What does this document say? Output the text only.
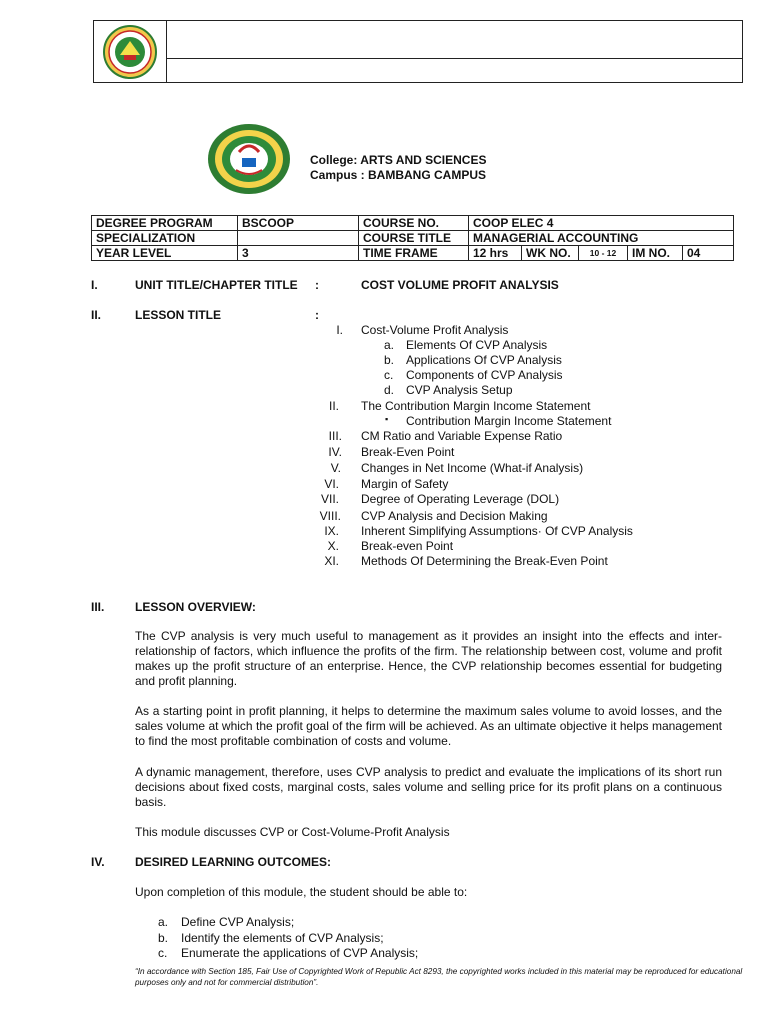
College: ARTS AND SCIENCES
Campus : BAMBANG CAMPUS
DEGREE PROGRAM	BSCOOP	COURSE NO.	COOP ELEC 4				
SPECIALIZATION		COURSE TITLE	MANAGERIAL ACCOUNTING				
YEAR LEVEL	3	TIME FRAME	12 hrs	WK NO.	10 - 12	IM NO.	04
I.	UNIT TITLE/CHAPTER TITLE :	COST VOLUME PROFIT ANALYSIS
II.	LESSON TITLE	:
I. Cost-Volume Profit Analysis
a. Elements Of CVP Analysis
b. Applications Of CVP Analysis
c. Components of CVP Analysis
d. CVP Analysis Setup
II. The Contribution Margin Income Statement
▪ Contribution Margin Income Statement
III. CM Ratio and Variable Expense Ratio
IV. Break-Even Point
V. Changes in Net Income (What-if Analysis)
VI. Margin of Safety
VII. Degree of Operating Leverage (DOL)
VIII. CVP Analysis and Decision Making
IX. Inherent Simplifying Assumptions· Of CVP Analysis
X. Break-even Point
XI. Methods Of Determining the Break-Even Point
III.	LESSON OVERVIEW:
The CVP analysis is very much useful to management as it provides an insight into the effects and inter-relationship of factors, which influence the profits of the firm. The relationship between cost, volume and profit makes up the profit structure of an enterprise. Hence, the CVP relationship becomes essential for budgeting and profit planning.
As a starting point in profit planning, it helps to determine the maximum sales volume to avoid losses, and the sales volume at which the profit goal of the firm will be achieved. As an ultimate objective it helps management to find the most profitable combination of costs and volume.
A dynamic management, therefore, uses CVP analysis to predict and evaluate the implications of its short run decisions about fixed costs, marginal costs, sales volume and selling price for its profit plans on a continuous basis.
This module discusses CVP or Cost-Volume-Profit Analysis
IV.	DESIRED LEARNING OUTCOMES:
Upon completion of this module, the student should be able to:
a. Define CVP Analysis;
b. Identify the elements of CVP Analysis;
c. Enumerate the applications of CVP Analysis;
“In accordance with Section 185, Fair Use of Copyrighted Work of Republic Act 8293, the copyrighted works included in this material may be reproduced for educational purposes only and not for commercial distribution”.
